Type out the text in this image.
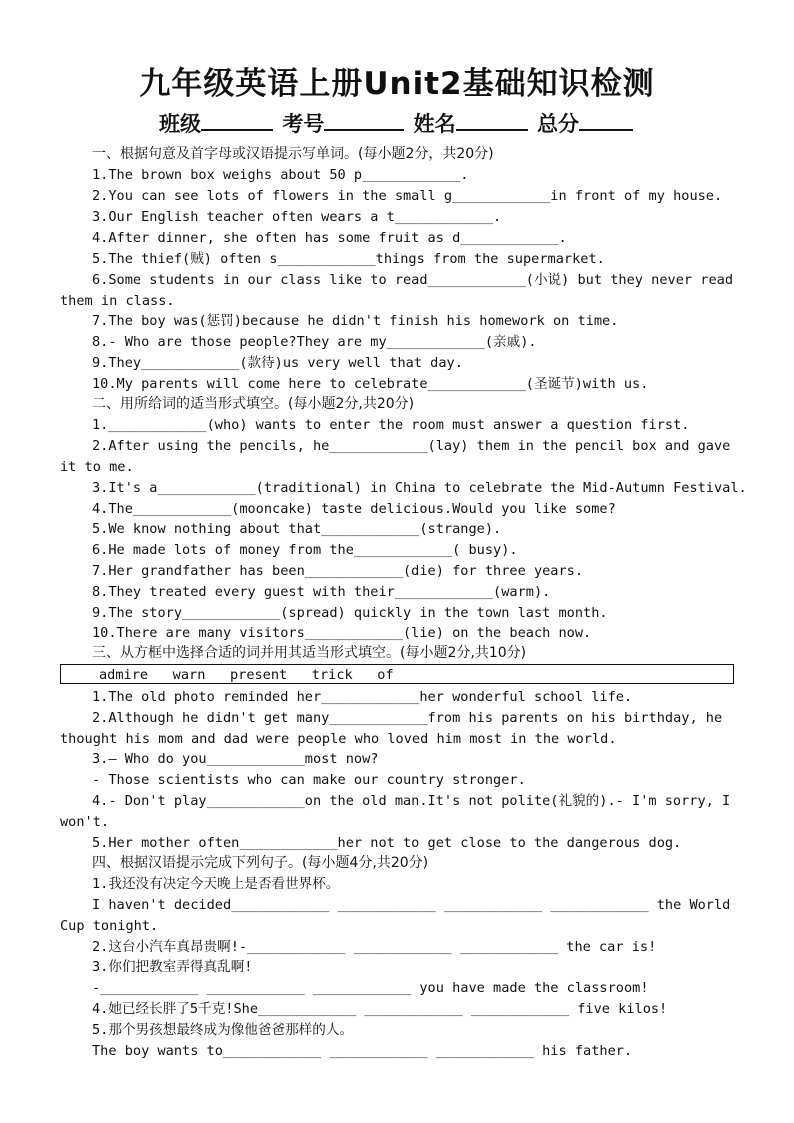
九年级英语上册Unit2基础知识检测
班级	考号	姓名	总分
一、根据句意及首字母或汉语提示写单词。(每小题2分，共20分)
1.The brown box weighs about 50 p____________.
2.You can see lots of flowers in the small g____________in front of my house.
3.Our English teacher often wears a t____________.
4.After dinner, she often has some fruit as d____________.
5.The thief(贼) often s____________things from the supermarket.
6.Some students in our class like to read____________(小说) but they never read them in class.
7.The boy was(惩罚)because he didn't finish his homework on time.
8.- Who are those people?They are my____________(亲戚).
9.They____________(款待)us very well that day.
10.My parents will come here to celebrate____________(圣诞节)with us.
二、用所给词的适当形式填空。(每小题2分,共20分)
1.____________(who) wants to enter the room must answer a question first.
2.After using the pencils, he____________(lay) them in the pencil box and gave it to me.
3.It's a____________(traditional) in China to celebrate the Mid-Autumn Festival.
4.The____________(mooncake) taste delicious.Would you like some?
5.We know nothing about that____________(strange).
6.He made lots of money from the____________( busy).
7.Her grandfather has been____________(die) for three years.
8.They treated every guest with their____________(warm).
9.The story____________(spread) quickly in the town last month.
10.There are many visitors____________(lie) on the beach now.
三、从方框中选择合适的词并用其适当形式填空。(每小题2分,共10分)
admire   warn   present   trick   of
1.The old photo reminded her____________her wonderful school life.
2.Although he didn't get many____________from his parents on his birthday, he thought his mom and dad were people who loved him most in the world.
3.— Who do you____________most now?
- Those scientists who can make our country stronger.
4.- Don't play____________on the old man.It's not polite(礼貌的).- I'm sorry, I won't.
5.Her mother often____________her not to get close to the dangerous dog.
四、根据汉语提示完成下列句子。(每小题4分,共20分)
1.我还没有决定今天晚上是否看世界杯。
I haven't decided____________ ____________ ____________ ____________ the World Cup tonight.
2.这台小汽车真昂贵啊!-____________ ____________ ____________ the car is!
3.你们把教室弄得真乱啊!
-____________ ____________ ____________ you have made the classroom!
4.她已经长胖了5千克!She____________ ____________ ____________ five kilos!
5.那个男孩想最终成为像他爸爸那样的人。
The boy wants to____________ ____________ ____________ his father.
